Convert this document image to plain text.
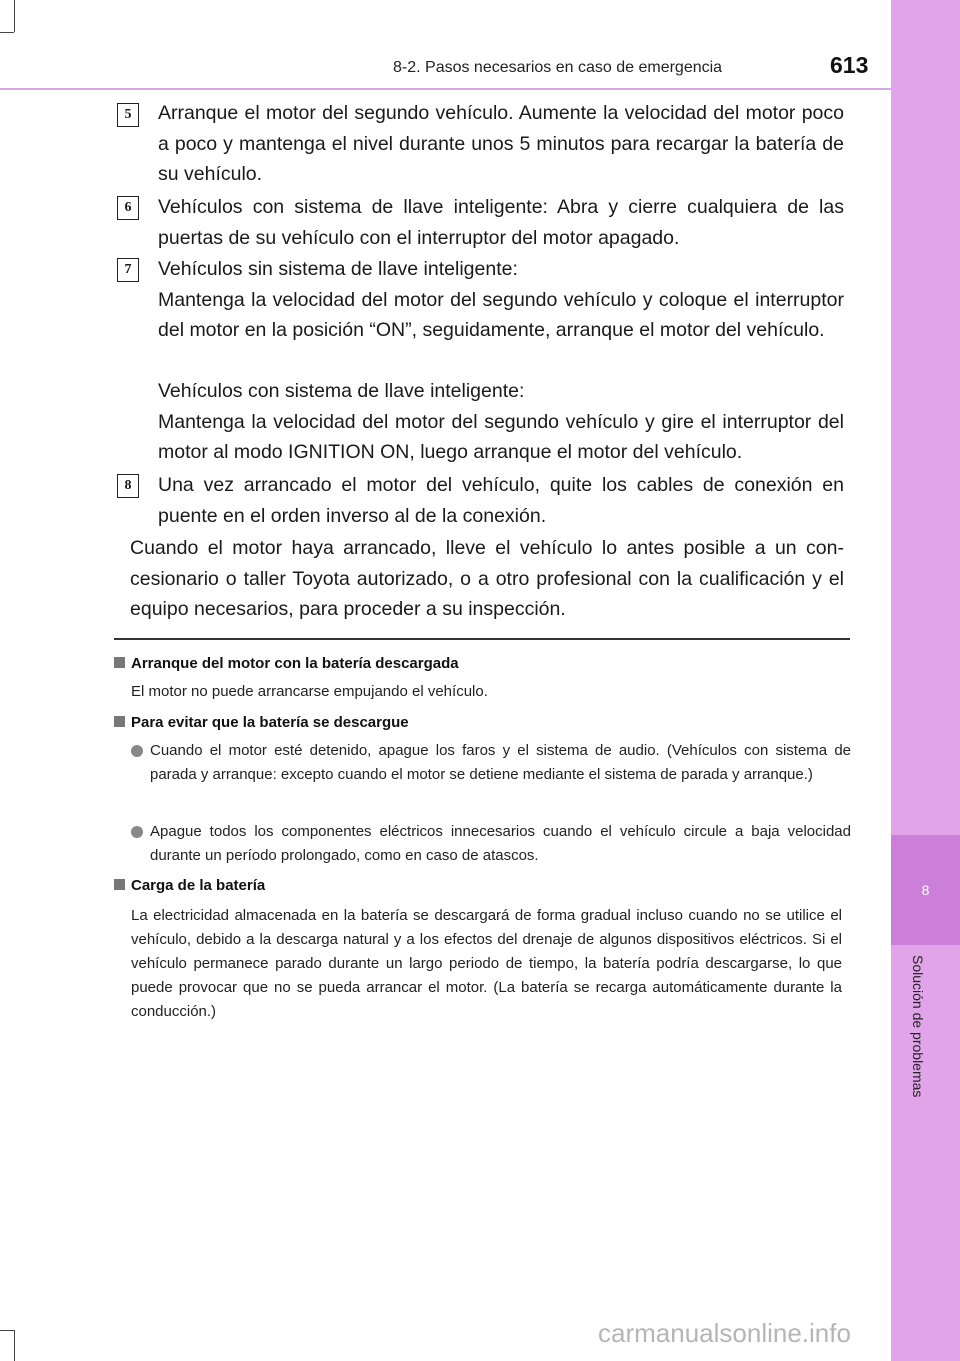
8
Solución de problemas
8-2. Pasos necesarios en caso de emergencia	613
5	Arranque el motor del segundo vehículo. Aumente la velocidad del motor poco a poco y mantenga el nivel durante unos 5 minutos para recargar la batería de su vehículo.

6	Vehículos con sistema de llave inteligente: Abra y cierre cualquiera de las puertas de su vehículo con el interruptor del motor apagado.

7	Vehículos sin sistema de llave inteligente:

Mantenga la velocidad del motor del segundo vehículo y coloque el interruptor del motor en la posición “ON”, seguidamente, arranque el motor del vehículo.

Vehículos con sistema de llave inteligente:

Mantenga la velocidad del motor del segundo vehículo y gire el interruptor del motor al modo IGNITION ON, luego arranque el motor del vehículo.

8	Una vez arrancado el motor del vehículo, quite los cables de conexión en puente en el orden inverso al de la conexión.

Cuando el motor haya arrancado, lleve el vehículo lo antes posible a un concesionario o taller Toyota autorizado, o a otro profesional con la cualificación y el equipo necesarios, para proceder a su inspección.

Arranque del motor con la batería descargada

El motor no puede arrancarse empujando el vehículo.

Para evitar que la batería se descargue

Cuando el motor esté detenido, apague los faros y el sistema de audio. (Vehículos con sistema de parada y arranque: excepto cuando el motor se detiene mediante el sistema de parada y arranque.)

Apague todos los componentes eléctricos innecesarios cuando el vehículo circule a baja velocidad durante un período prolongado, como en caso de atascos.

Carga de la batería

La electricidad almacenada en la batería se descargará de forma gradual incluso cuando no se utilice el vehículo, debido a la descarga natural y a los efectos del drenaje de algunos dispositivos eléctricos. Si el vehículo permanece parado durante un largo periodo de tiempo, la batería podría descargarse, lo que puede provocar que no se pueda arrancar el motor. (La batería se recarga automáticamente durante la conducción.)

carmanualsonline.info
